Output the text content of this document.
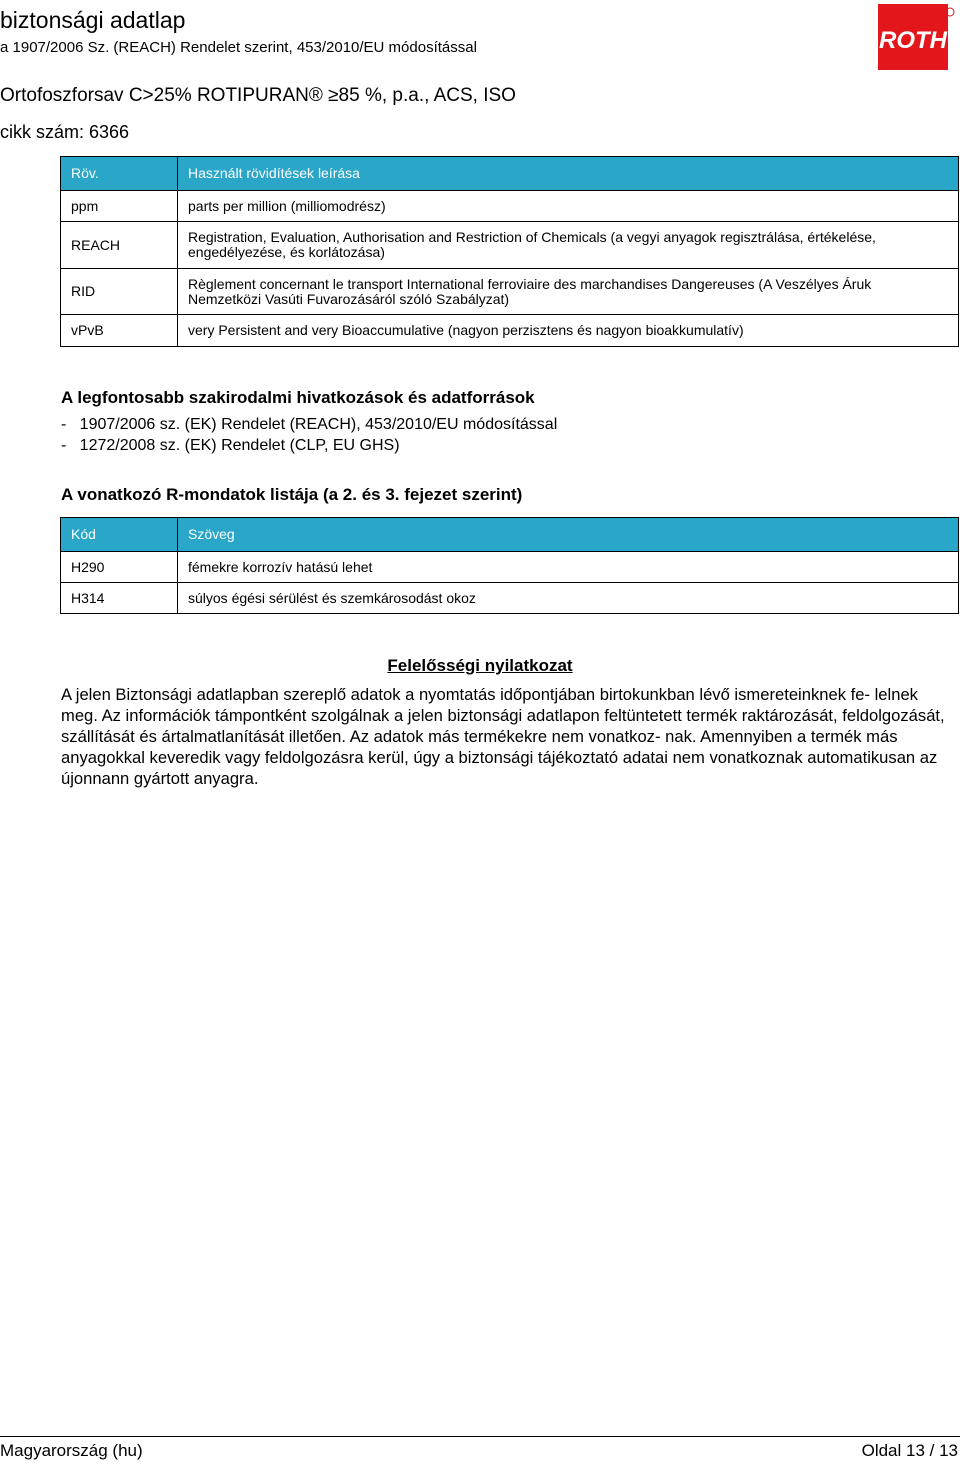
biztonsági adatlap
a 1907/2006 Sz. (REACH) Rendelet szerint, 453/2010/EU módosítással
Ortofoszforsav C>25% ROTIPURAN® ≥85 %, p.a., ACS, ISO
cikk szám: 6366
ROTH
Röv.	Használt rövidítések leírása
ppm	parts per million (milliomodrész)
REACH	Registration, Evaluation, Authorisation and Restriction of Chemicals (a vegyi anyagok regisztrálása, értékelése, engedélyezése, és korlátozása)
RID	Règlement concernant le transport International ferroviaire des marchandises Dangereuses (A Veszélyes Áruk Nemzetközi Vasúti Fuvarozásáról szóló Szabályzat)
vPvB	very Persistent and very Bioaccumulative (nagyon perzisztens és nagyon bioakkumulatív)
A legfontosabb szakirodalmi hivatkozások és adatforrások
-   1907/2006 sz. (EK) Rendelet (REACH), 453/2010/EU módosítással
-   1272/2008 sz. (EK) Rendelet (CLP, EU GHS)
A vonatkozó R-mondatok listája (a 2. és 3. fejezet szerint)
Kód	Szöveg
H290	fémekre korrozív hatású lehet
H314	súlyos égési sérülést és szemkárosodást okoz
Felelősségi nyilatkozat
A jelen Biztonsági adatlapban szereplő adatok a nyomtatás időpontjában birtokunkban lévő ismereteinknek fe- lelnek meg. Az információk támpontként szolgálnak a jelen biztonsági adatlapon feltüntetett termék raktározását, feldolgozását, szállítását és ártalmatlanítását illetően. Az adatok más termékekre nem vonatkoz- nak. Amennyiben a termék más anyagokkal keveredik vagy feldolgozásra kerül, úgy a biztonsági tájékoztató adatai nem vonatkoznak automatikusan az újonnann gyártott anyagra.
Magyarország (hu)	Oldal 13 / 13
